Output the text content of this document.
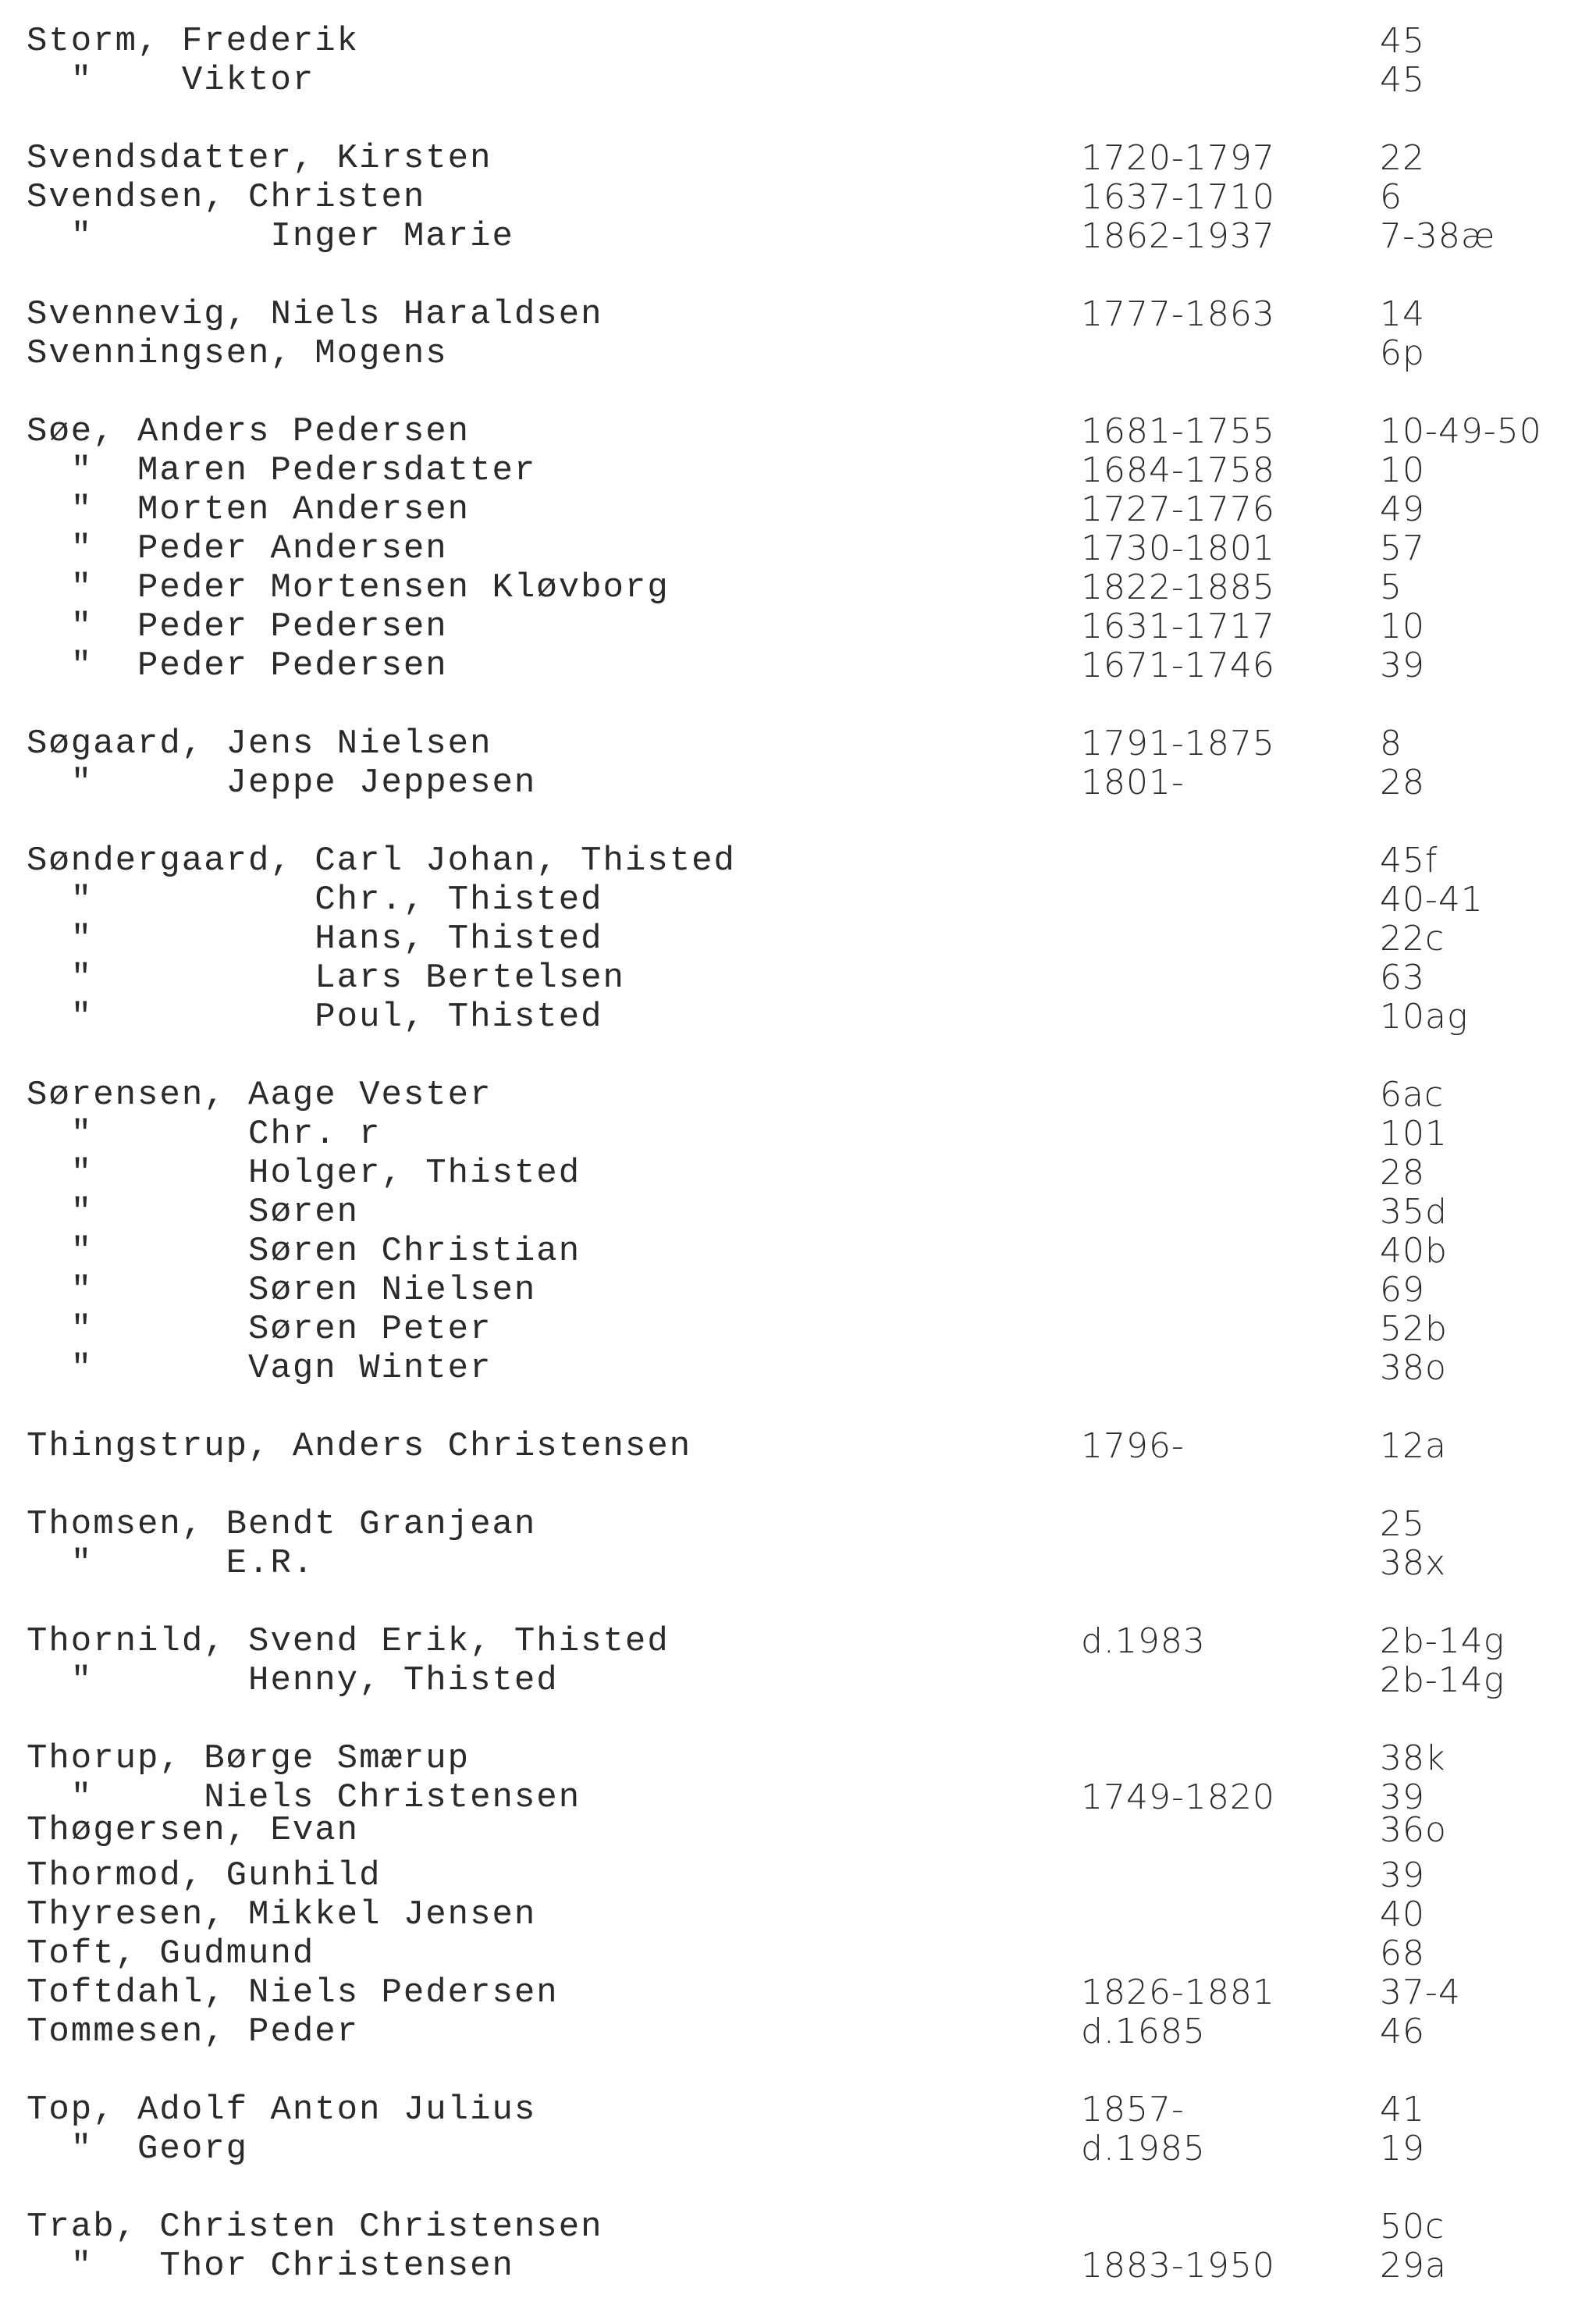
Storm, Frederik	45
"    Viktor	45
Svendsdatter, Kirsten	1720-1797	22
Svendsen, Christen	1637-1710	6
"        Inger Marie	1862-1937	7-38æ
Svennevig, Niels Haraldsen	1777-1863	14
Svenningsen, Mogens	6p
Søe, Anders Pedersen	1681-1755	10-49-50
"  Maren Pedersdatter	1684-1758	10
"  Morten Andersen	1727-1776	49
"  Peder Andersen	1730-1801	57
"  Peder Mortensen Kløvborg	1822-1885	5
"  Peder Pedersen	1631-1717	10
"  Peder Pedersen	1671-1746	39
Søgaard, Jens Nielsen	1791-1875	8
"      Jeppe Jeppesen	1801-	28
Søndergaard, Carl Johan, Thisted	45f
"          Chr., Thisted	40-41
"          Hans, Thisted	22c
"          Lars Bertelsen	63
"          Poul, Thisted	10ag
Sørensen, Aage Vester	6ac
"       Chr. r	101
"       Holger, Thisted	28
"       Søren	35d
"       Søren Christian	40b
"       Søren Nielsen	69
"       Søren Peter	52b
"       Vagn Winter	38o
Thingstrup, Anders Christensen	1796-	12a
Thomsen, Bendt Granjean	25
"      E.R.	38x
Thornild, Svend Erik, Thisted	d.1983	2b-14g
"       Henny, Thisted	2b-14g
Thorup, Børge Smærup	38k
"     Niels Christensen	1749-1820	39
Thøgersen, Evan	36o
Thormod, Gunhild	39
Thyresen, Mikkel Jensen	40
Toft, Gudmund	68
Toftdahl, Niels Pedersen	1826-1881	37-4
Tommesen, Peder	d.1685	46
Top, Adolf Anton Julius	1857-	41
"  Georg	d.1985	19
Trab, Christen Christensen	50c
"   Thor Christensen	1883-1950	29a
